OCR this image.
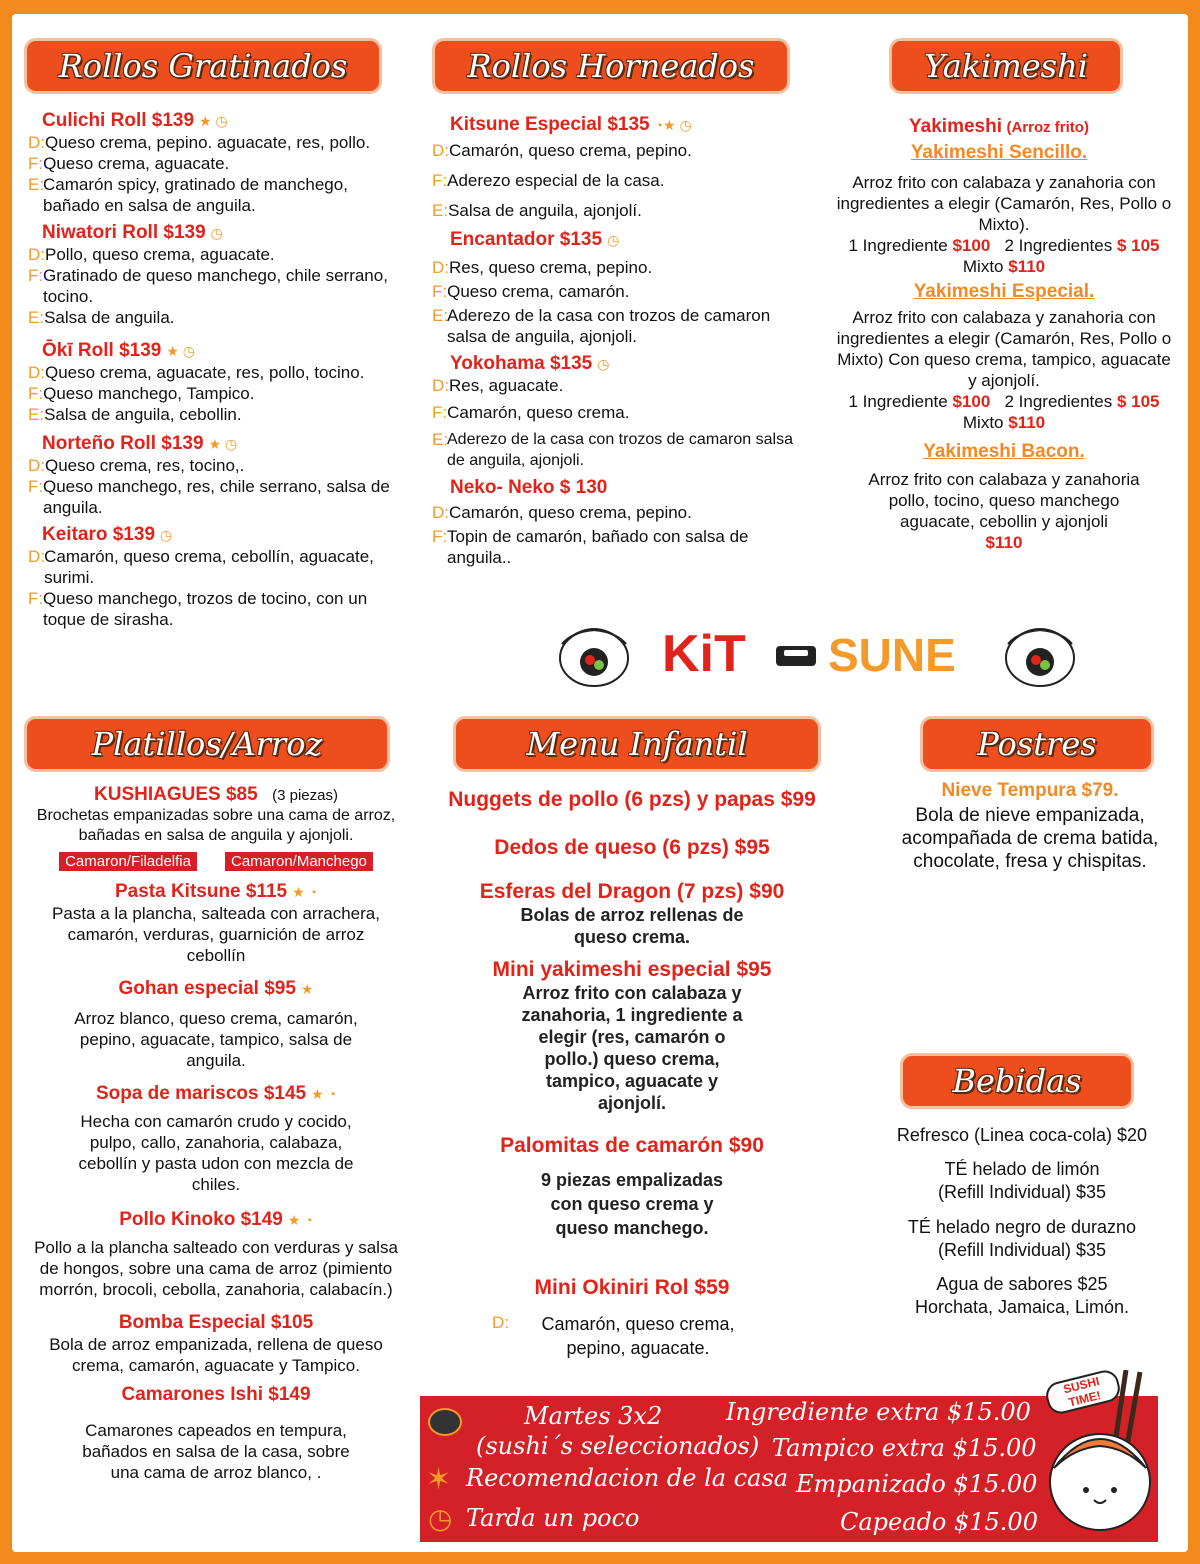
Rollos Gratinados	Rollos Horneados	Yakimeshi
Platillos/Arroz	Menu Infantil	Postres
Bebidas
Culichi Roll $139 ★ ◷
D: Queso crema, pepino. aguacate, res, pollo.
F: Queso crema, aguacate.
E:
Camarón spicy, gratinado de manchego, bañado en salsa de anguila.
Niwatori Roll $139 ◷
D: Pollo, queso crema, aguacate.
F: Gratinado de queso manchego, chile serrano, tocino.
E: Salsa de anguila.
Ōkī Roll $139 ★ ◷
D: Queso crema, aguacate, res, pollo, tocino.
F: Queso manchego, Tampico.
E: Salsa de anguila, cebollin.
Norteño Roll $139 ★ ◷
D: Queso crema, res, tocino,.
F: Queso manchego, res, chile serrano, salsa de anguila.
Keitaro $139 ◷
D: Camarón, queso crema, cebollín, aguacate, surimi.
F: Queso manchego, trozos de tocino, con un toque de sirasha.
Kitsune Especial $135 ◔★ ◷
D: Camarón, queso crema, pepino.
F: Aderezo especial de la casa.
E: Salsa de anguila, ajonjolí.
Encantador $135 ◷
D: Res, queso crema, pepino.
F: Queso crema, camarón.
E:
Aderezo de la casa con trozos de camaron salsa de anguila, ajonjoli.
Yokohama $135 ◷
D: Res, aguacate.
F: Camarón, queso crema.
E:
Aderezo de la casa con trozos de camaron salsa de anguila, ajonjoli.
Neko- Neko $ 130
D: Camarón, queso crema, pepino.
F: Topin de camarón, bañado con salsa de anguila..
Yakimeshi (Arroz frito)
Yakimeshi Sencillo.
Arroz frito con calabaza y zanahoria con ingredientes a elegir (Camarón, Res, Pollo o Mixto).
1 Ingrediente $100 2 Ingredientes $ 105
Mixto $110
Yakimeshi Especial.
Arroz frito con calabaza y zanahoria con ingredientes a elegir (Camarón, Res, Pollo o Mixto) Con queso crema, tampico, aguacate y ajonjolí.
1 Ingrediente $100 2 Ingredientes $ 105
Mixto $110
Yakimeshi Bacon.
Arroz frito con calabaza y zanahoria pollo, tocino, queso manchego aguacate, cebollin y ajonjoli
$110
KiT SUNE
KUSHIAGUES $85 (3 piezas)
Brochetas empanizadas sobre una cama de arroz, bañadas en salsa de anguila y ajonjoli.
Camaron/Filadelfia	Camaron/Manchego
Pasta Kitsune $115 ★ ◔
Pasta a la plancha, salteada con arrachera, camarón, verduras, guarnición de arroz cebollín
Gohan especial $95 ★
Arroz blanco, queso crema, camarón, pepino, aguacate, tampico, salsa de anguila.
Sopa de mariscos $145 ★ ◔
Hecha con camarón crudo y cocido, pulpo, callo, zanahoria, calabaza, cebollín y pasta udon con mezcla de chiles.
Pollo Kinoko $149 ★ ◔
Pollo a la plancha salteado con verduras y salsa de hongos, sobre una cama de arroz (pimiento morrón, brocoli, cebolla, zanahoria, calabacín.)
Bomba Especial $105
Bola de arroz empanizada, rellena de queso crema, camarón, aguacate y Tampico.
Camarones Ishi $149
Camarones capeados en tempura, bañados en salsa de la casa, sobre una cama de arroz blanco, .
Nuggets de pollo (6 pzs) y papas $99
Dedos de queso (6 pzs) $95
Esferas del Dragon (7 pzs) $90
Bolas de arroz rellenas de queso crema.
Mini yakimeshi especial $95
Arroz frito con calabaza y zanahoria, 1 ingrediente a elegir (res, camarón o pollo.) queso crema, tampico, aguacate y ajonjolí.
Palomitas de camarón $90
9 piezas empalizadas con queso crema y queso manchego.
Mini Okiniri Rol $59
D:	Camarón, queso crema, pepino, aguacate.
Nieve Tempura $79.
Bola de nieve empanizada, acompañada de crema batida, chocolate, fresa y chispitas.
Refresco (Linea coca-cola) $20
TÉ helado de limón
(Refill Individual) $35
TÉ helado negro de durazno
(Refill Individual) $35
Agua de sabores $25
Horchata, Jamaica, Limón.
Martes 3x2
(sushi´s seleccionados)
✶ Recomendacion de la casa
◷ Tarda un poco
Ingrediente extra $15.00
Tampico extra $15.00
Empanizado $15.00
Capeado $15.00
SUSHI TIME!
